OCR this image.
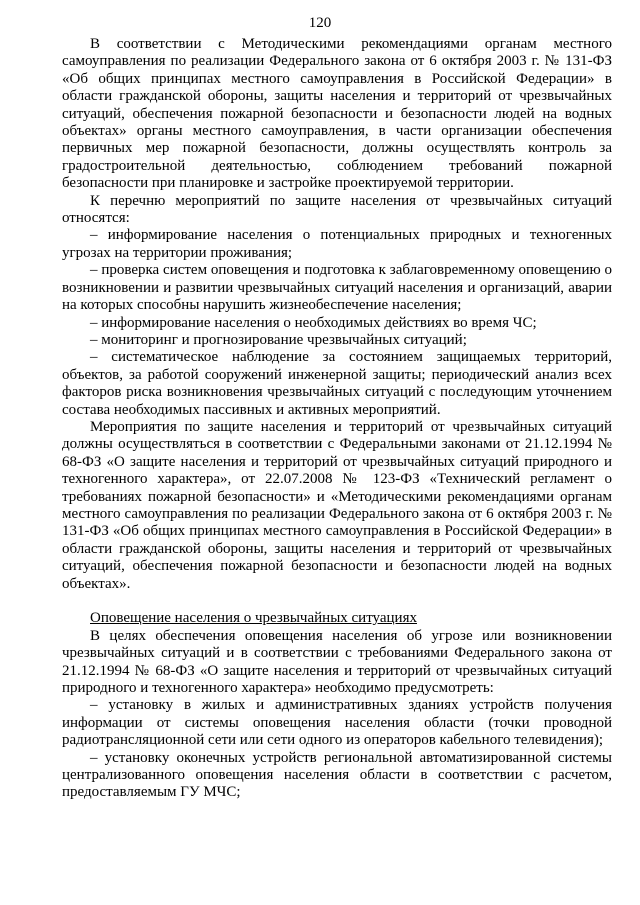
120

В соответствии с Методическими рекомендациями органам местного самоуправления по реализации Федерального закона от 6 октября 2003 г. № 131-ФЗ «Об общих принципах местного самоуправления в Российской Федерации» в области гражданской обороны, защиты населения и территорий от чрезвычайных ситуаций, обеспечения пожарной безопасности и безопасности людей на водных объектах» органы местного самоуправления, в части организации обеспечения первичных мер пожарной безопасности, должны осуществлять контроль за градостроительной деятельностью, соблюдением требований пожарной безопасности при планировке и застройке проектируемой территории.

К перечню мероприятий по защите населения от чрезвычайных ситуаций относятся:

– информирование населения о потенциальных природных и техногенных угрозах на территории проживания;

– проверка систем оповещения и подготовка к заблаговременному оповещению о возникновении и развитии чрезвычайных ситуаций населения и организаций, аварии на которых способны нарушить жизнеобеспечение населения;

– информирование населения о необходимых действиях во время ЧС;

– мониторинг и прогнозирование чрезвычайных ситуаций;

– систематическое наблюдение за состоянием защищаемых территорий, объектов, за работой сооружений инженерной защиты; периодический анализ всех факторов риска возникновения чрезвычайных ситуаций с последующим уточнением состава необходимых пассивных и активных мероприятий.

Мероприятия по защите населения и территорий от чрезвычайных ситуаций должны осуществляться в соответствии с Федеральными законами от 21.12.1994 № 68-ФЗ «О защите населения и территорий от чрезвычайных ситуаций природного и техногенного характера», от 22.07.2008 № 123-ФЗ «Технический регламент о требованиях пожарной безопасности» и «Методическими рекомендациями органам местного самоуправления по реализации Федерального закона от 6 октября 2003 г. № 131-ФЗ «Об общих принципах местного самоуправления в Российской Федерации» в области гражданской обороны, защиты населения и территорий от чрезвычайных ситуаций, обеспечения пожарной безопасности и безопасности людей на водных объектах».

Оповещение населения о чрезвычайных ситуациях

В целях обеспечения оповещения населения об угрозе или возникновении чрезвычайных ситуаций и в соответствии с требованиями Федерального закона от 21.12.1994 № 68-ФЗ «О защите населения и территорий от чрезвычайных ситуаций природного и техногенного характера» необходимо предусмотреть:

– установку в жилых и административных зданиях устройств получения информации от системы оповещения населения области (точки проводной радиотрансляционной сети или сети одного из операторов кабельного телевидения);

– установку оконечных устройств региональной автоматизированной системы централизованного оповещения населения области в соответствии с расчетом, предоставляемым ГУ МЧС;
